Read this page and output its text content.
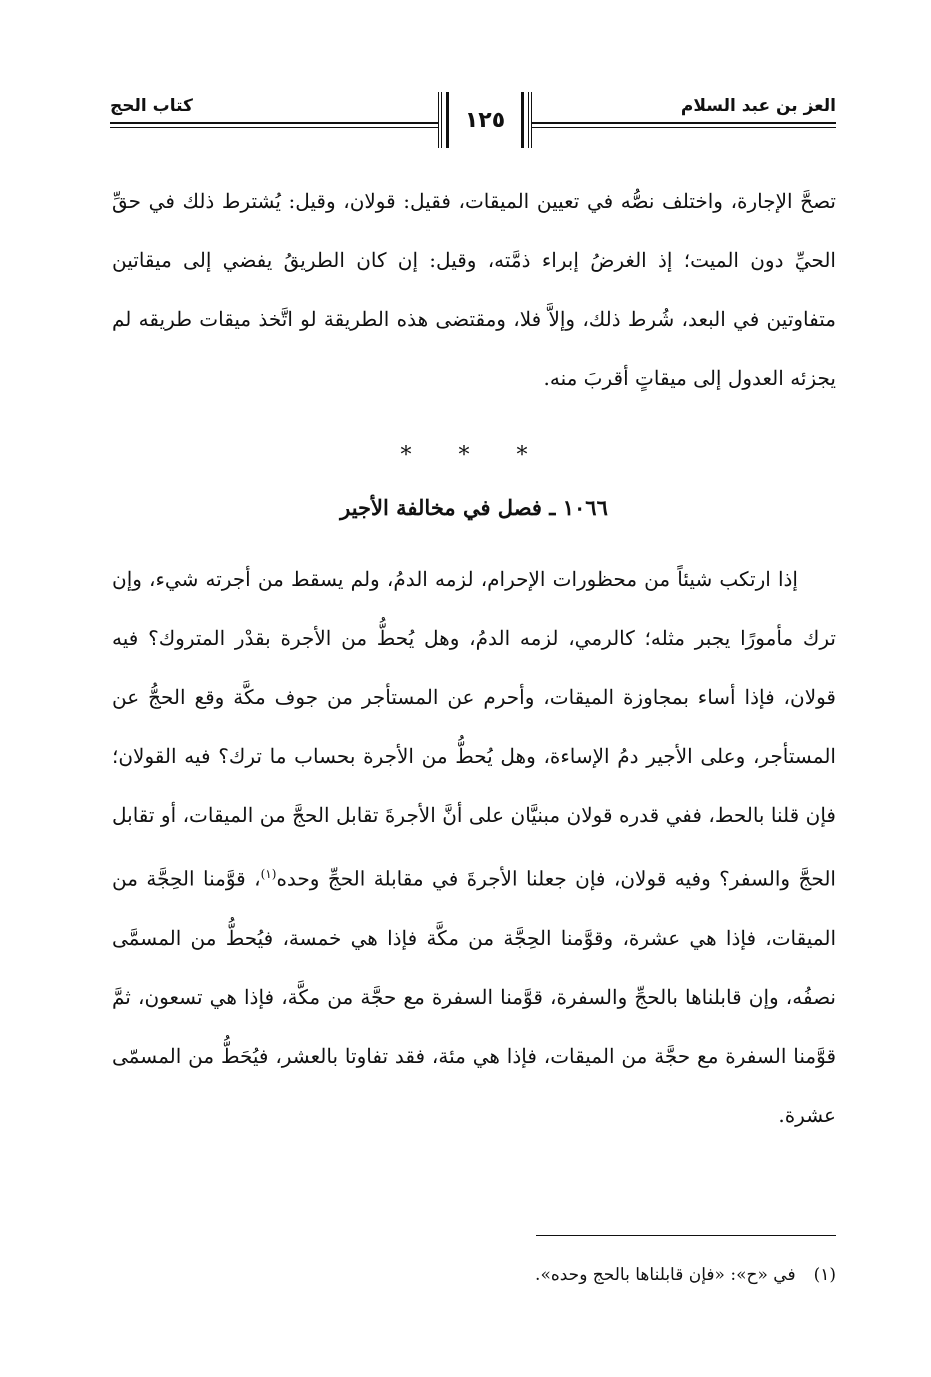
العز بن عبد السلام
كتاب الحج
١٢٥

تصحَّ الإجارة، واختلف نصُّه في تعيين الميقات، فقيل: قولان، وقيل: يُشترط ذلك في حقِّ الحيِّ دون الميت؛ إذ الغرضُ إبراء ذمَّته، وقيل: إن كان الطريقُ يفضي إلى ميقاتين متفاوتين في البعد، شُرط ذلك، وإلاَّ فلا، ومقتضى هذه الطريقة لو اتَّخذ ميقات طريقه لم يجزئه العدول إلى ميقاتٍ أقربَ منه.

* * *
١٠٦٦ ـ فصل في مخالفة الأجير

إذا ارتكب شيئاً من محظورات الإحرام، لزمه الدمُ، ولم يسقط من أجرته شيء، وإن ترك مأمورًا يجبر مثله؛ كالرمي، لزمه الدمُ، وهل يُحطُّ من الأجرة بقدْر المتروك؟ فيه قولان، فإذا أساء بمجاوزة الميقات، وأحرم عن المستأجر من جوف مكَّة وقع الحجُّ عن المستأجر، وعلى الأجير دمُ الإساءة، وهل يُحطُّ من الأجرة بحساب ما ترك؟ فيه القولان؛ فإن قلنا بالحط، ففي قدره قولان مبنيَّان على أنَّ الأجرةَ تقابل الحجَّ من الميقات، أو تقابل الحجَّ والسفر؟ وفيه قولان، فإن جعلنا الأجرةَ في مقابلة الحجِّ وحده$^{(١)}$، قوَّمنا الحِجَّة من الميقات، فإذا هي عشرة، وقوَّمنا الحِجَّة من مكَّة فإذا هي خمسة، فيُحطُّ من المسمَّى نصفُه، وإن قابلناها بالحجِّ والسفرة، قوَّمنا السفرة مع حجَّة من مكَّة، فإذا هي تسعون، ثمَّ قوَّمنا السفرة مع حجَّة من الميقات، فإذا هي مئة، فقد تفاوتا بالعشر، فيُحَطُّ من المسمّى عشرة.

(١)في «ح»: «فإن قابلناها بالحج وحده».
